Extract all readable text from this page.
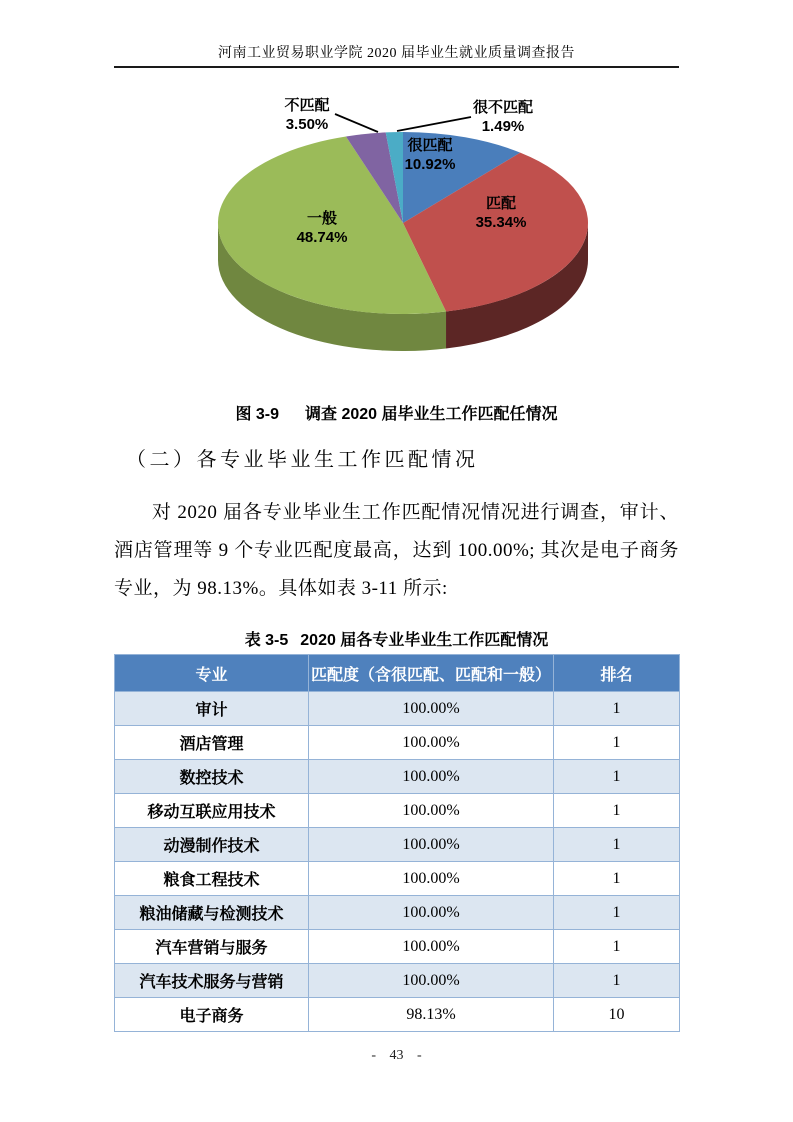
河南工业贸易职业学院 2020 届毕业生就业质量调查报告
不匹配
3.50%
很不匹配
1.49%
很匹配
10.92%
匹配
35.34%
一般
48.74%
图 3-9 调查 2020 届毕业生工作匹配任情况
（二）各专业毕业生工作匹配情况

对 2020 届各专业毕业生工作匹配情况情况进行调查，审计、酒店管理等 9 个专业匹配度最高，达到 100.00%; 其次是电子商务专业，为 98.13%。具体如表 3-11 所示:

表 3-5 2020 届各专业毕业生工作匹配情况
专业	匹配度（含很匹配、匹配和一般）	排名
审计	100.00%	1
酒店管理	100.00%	1
数控技术	100.00%	1
移动互联应用技术	100.00%	1
动漫制作技术	100.00%	1
粮食工程技术	100.00%	1
粮油储藏与检测技术	100.00%	1
汽车营销与服务	100.00%	1
汽车技术服务与营销	100.00%	1
电子商务	98.13%	10
- 43 -
